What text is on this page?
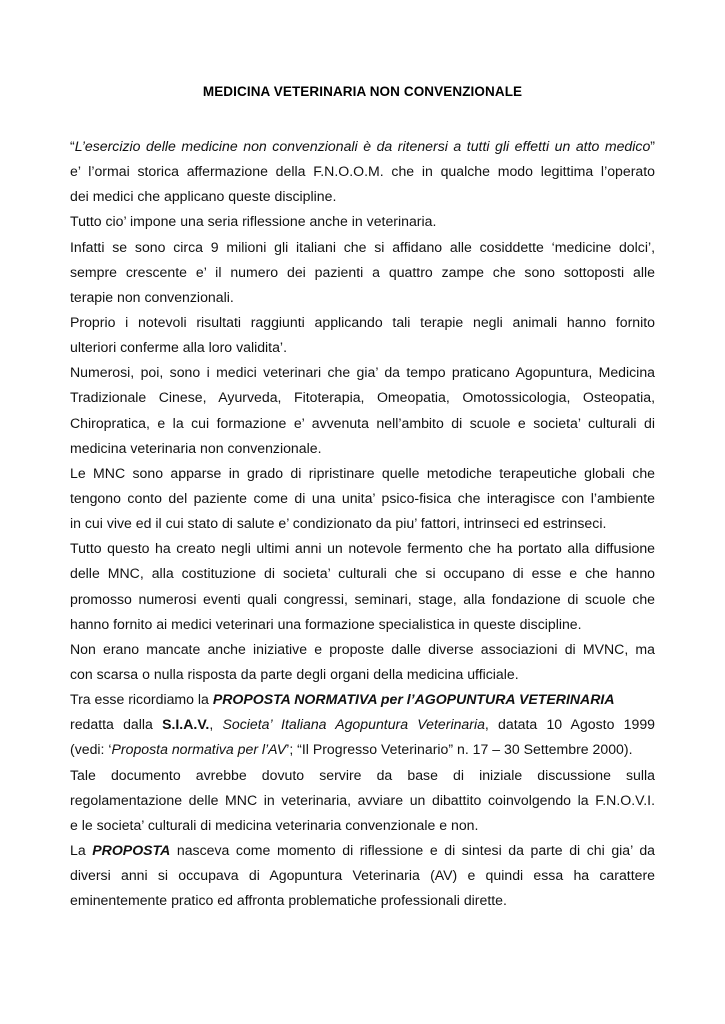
MEDICINA VETERINARIA NON CONVENZIONALE
“L’esercizio delle medicine non convenzionali è da ritenersi a tutti gli effetti un atto medico”
e’ l’ormai storica affermazione della F.N.O.O.M. che in qualche modo legittima l’operato
dei medici che applicano queste discipline.
Tutto cio’ impone una seria riflessione anche in veterinaria.
Infatti se sono circa 9 milioni gli italiani che si affidano alle cosiddette ‘medicine dolci’,
sempre crescente e’ il numero dei pazienti a quattro zampe che sono sottoposti alle
terapie non convenzionali.
Proprio i notevoli risultati raggiunti applicando tali terapie negli animali hanno fornito
ulteriori conferme alla loro validita’.
Numerosi, poi, sono i medici veterinari che gia’ da tempo praticano Agopuntura, Medicina
Tradizionale Cinese, Ayurveda, Fitoterapia, Omeopatia, Omotossicologia, Osteopatia,
Chiropratica, e la cui formazione e’ avvenuta nell’ambito di scuole e societa’ culturali di
medicina veterinaria non convenzionale.
Le MNC sono apparse in grado di ripristinare quelle metodiche terapeutiche globali che
tengono conto del paziente come di una unita’ psico-fisica che interagisce con l’ambiente
in cui vive ed il cui stato di salute e’ condizionato da piu’ fattori, intrinseci ed estrinseci.
Tutto questo ha creato negli ultimi anni un notevole fermento che ha portato alla diffusione
delle MNC, alla costituzione di societa’ culturali che si occupano di esse e che hanno
promosso numerosi eventi quali congressi, seminari, stage, alla fondazione di scuole che
hanno fornito ai medici veterinari una formazione specialistica in queste discipline.
Non erano mancate anche iniziative e proposte dalle diverse associazioni di MVNC, ma
con scarsa o nulla risposta da parte degli organi della medicina ufficiale.
Tra esse ricordiamo la PROPOSTA NORMATIVA per l’AGOPUNTURA VETERINARIA
redatta dalla S.I.A.V., Societa’ Italiana Agopuntura Veterinaria, datata 10 Agosto 1999
(vedi: ‘Proposta normativa per l’AV’; “Il Progresso Veterinario” n. 17 – 30 Settembre 2000).
Tale documento avrebbe dovuto servire da base di iniziale discussione sulla
regolamentazione delle MNC in veterinaria, avviare un dibattito coinvolgendo la F.N.O.V.I.
e le societa’ culturali di medicina veterinaria convenzionale e non.
La PROPOSTA nasceva come momento di riflessione e di sintesi da parte di chi gia’ da
diversi anni si occupava di Agopuntura Veterinaria (AV) e quindi essa ha carattere
eminentemente pratico ed affronta problematiche professionali dirette.
